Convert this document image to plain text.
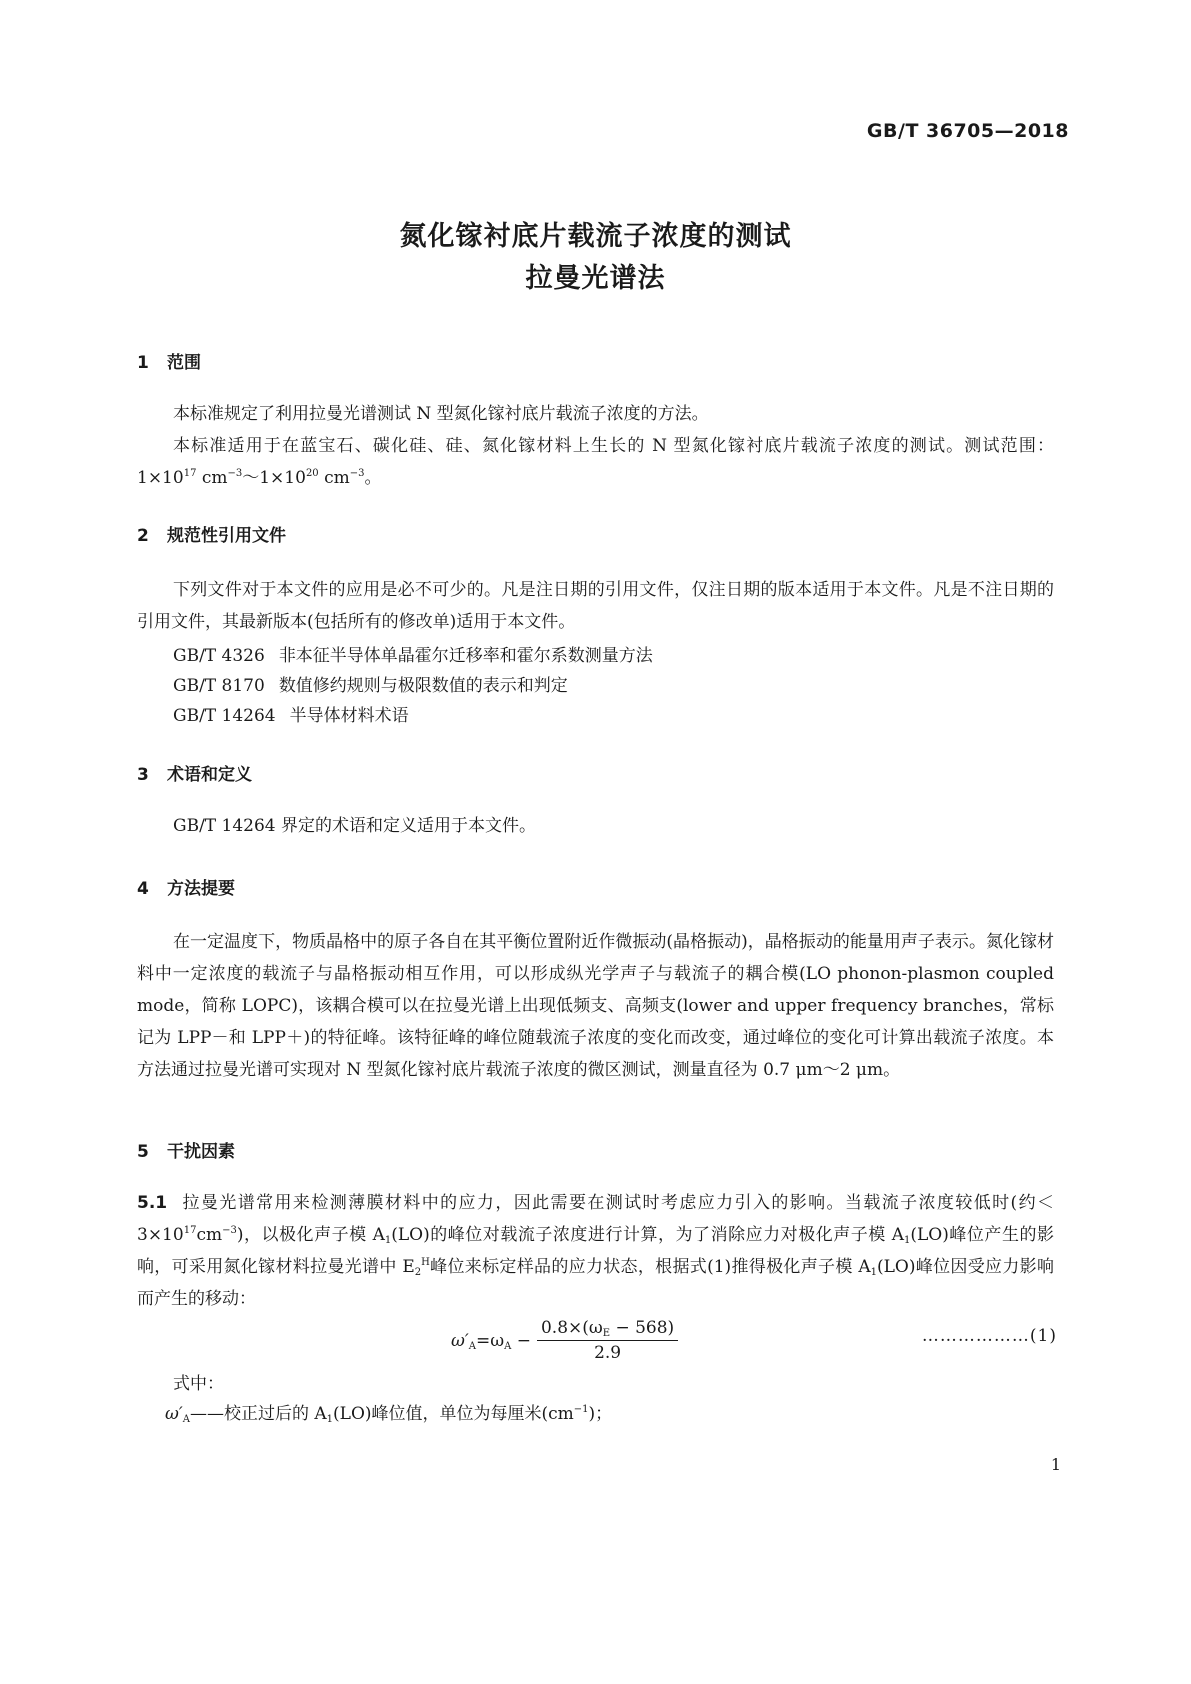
GB/T 36705—2018
氮化镓衬底片载流子浓度的测试
拉曼光谱法
1 范围

本标准规定了利用拉曼光谱测试 N 型氮化镓衬底片载流子浓度的方法。

本标准适用于在蓝宝石、碳化硅、硅、氮化镓材料上生长的 N 型氮化镓衬底片载流子浓度的测试。测试范围：$1\times 10^{17}$ $cm^{-3}\sim 1\times 10^{20}$ $cm^{-3}$。

2 规范性引用文件

下列文件对于本文件的应用是必不可少的。凡是注日期的引用文件，仅注日期的版本适用于本文件。凡是不注日期的引用文件，其最新版本(包括所有的修改单)适用于本文件。

GB/T 4326 非本征半导体单晶霍尔迁移率和霍尔系数测量方法
GB/T 8170 数值修约规则与极限数值的表示和判定
GB/T 14264 半导体材料术语
3 术语和定义

GB/T 14264 界定的术语和定义适用于本文件。

4 方法提要

在一定温度下，物质晶格中的原子各自在其平衡位置附近作微振动(晶格振动)，晶格振动的能量用声子表示。氮化镓材料中一定浓度的载流子与晶格振动相互作用，可以形成纵光学声子与载流子的耦合模(LO phonon-plasmon coupled mode，简称 LOPC)，该耦合模可以在拉曼光谱上出现低频支、高频支(lower and upper frequency branches，常标记为 LPP－和 LPP＋)的特征峰。该特征峰的峰位随载流子浓度的变化而改变，通过峰位的变化可计算出载流子浓度。本方法通过拉曼光谱可实现对 N 型氮化镓衬底片载流子浓度的微区测试，测量直径为 0.7 μm～2 μm。

5 干扰因素

5.1 拉曼光谱常用来检测薄膜材料中的应力，因此需要在测试时考虑应力引入的影响。当载流子浓度较低时(约$<3\times 10^{17}cm^{-3}$)，以极化声子模 $A_1(LO)$的峰位对载流子浓度进行计算，为了消除应力对极化声子模 $A_1(LO)$峰位产生的影响，可采用氮化镓材料拉曼光谱中 $E_2^H$峰位来标定样品的应力状态，根据式(1)推得极化声子模 $A_1(LO)$峰位因受应力影响而产生的移动：

$\omega'_A=\omega_A - \frac{0.8\times(\omega_E - 568)}{2.9}$	………………(1)
式中：
$\omega'_A——$校正过后的 $A_1(LO)$峰位值，单位为每厘米$(cm^{-1})$；
1
